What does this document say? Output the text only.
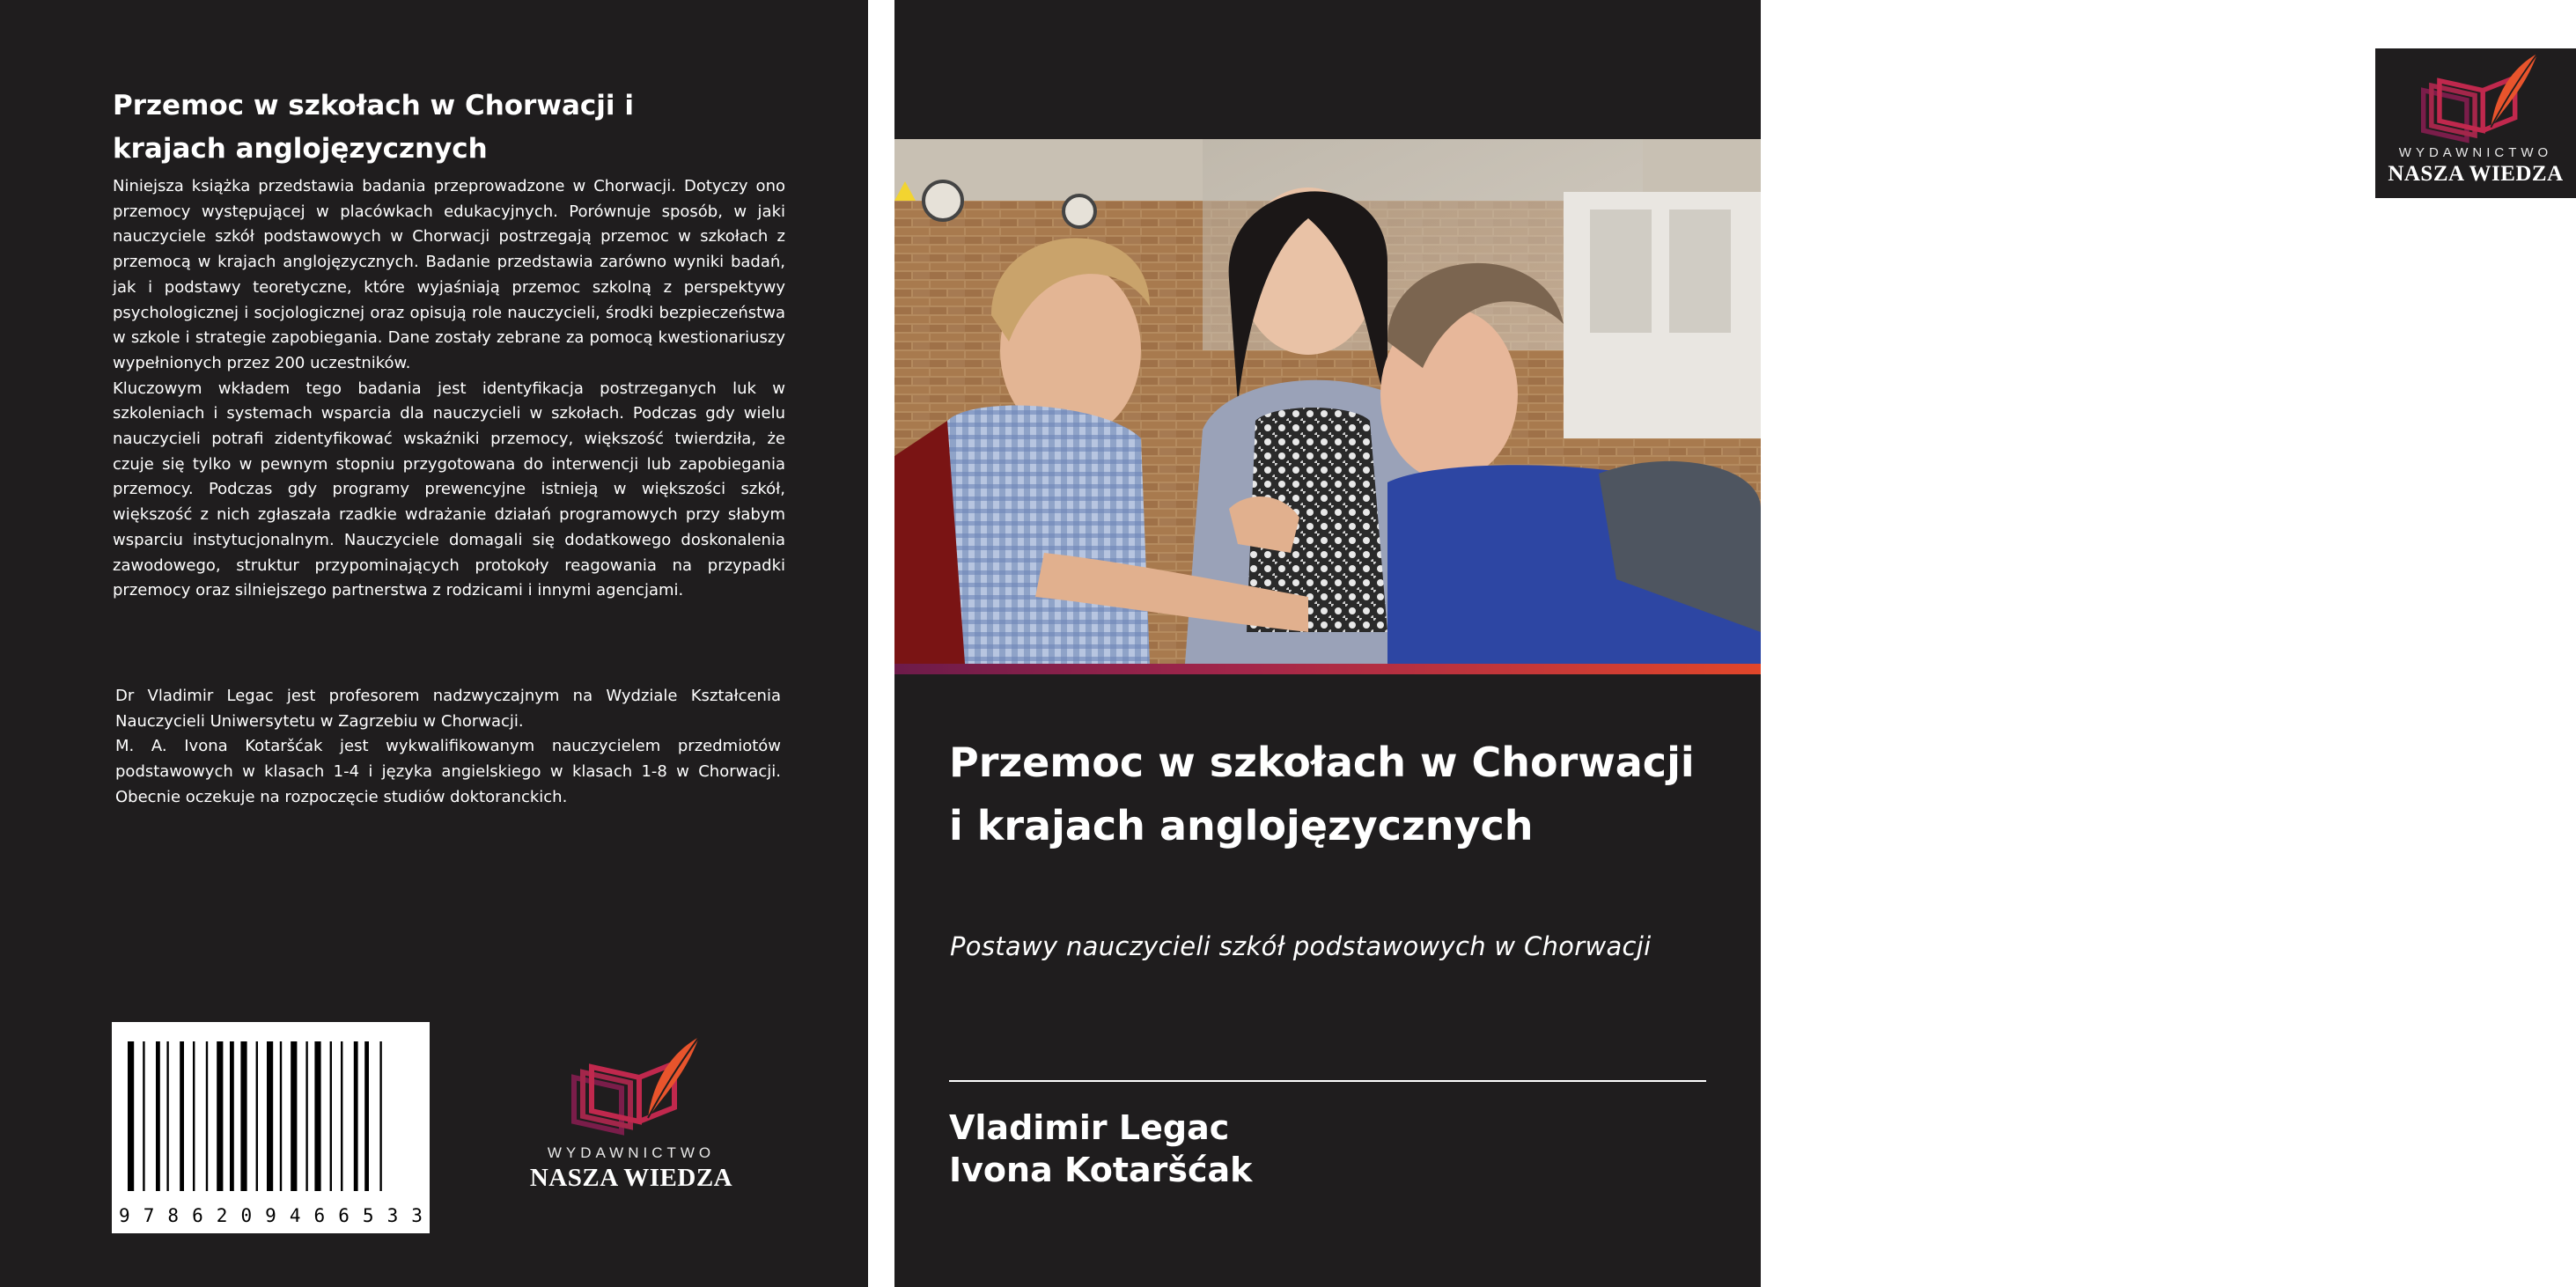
Przemoc w szkołach w Chorwacji i krajach anglojęzycznych

Niniejsza książka przedstawia badania przeprowadzone w Chorwacji. Dotyczy ono przemocy występującej w placówkach edukacyjnych. Porównuje sposób, w jaki nauczyciele szkół podstawowych w Chorwacji postrzegają przemoc w szkołach z przemocą w krajach anglojęzycznych. Badanie przedstawia zarówno wyniki badań, jak i podstawy teoretyczne, które wyjaśniają przemoc szkolną z perspektywy psychologicznej i socjologicznej oraz opisują role nauczycieli, środki bezpieczeństwa w szkole i strategie zapobiegania. Dane zostały zebrane za pomocą kwestionariuszy wypełnionych przez 200 uczestników.

Kluczowym wkładem tego badania jest identyfikacja postrzeganych luk w szkoleniach i systemach wsparcia dla nauczycieli w szkołach. Podczas gdy wielu nauczycieli potrafi zidentyfikować wskaźniki przemocy, większość twierdziła, że czuje się tylko w pewnym stopniu przygotowana do interwencji lub zapobiegania przemocy. Podczas gdy programy prewencyjne istnieją w większości szkół, większość z nich zgłaszała rzadkie wdrażanie działań programowych przy słabym wsparciu instytucjonalnym. Nauczyciele domagali się dodatkowego doskonalenia zawodowego, struktur przypominających protokoły reagowania na przypadki przemocy oraz silniejszego partnerstwa z rodzicami i innymi agencjami.

Dr Vladimir Legac jest profesorem nadzwyczajnym na Wydziale Kształcenia Nauczycieli Uniwersytetu w Zagrzebiu w Chorwacji.

M. A. Ivona Kotaršćak jest wykwalifikowanym nauczycielem przedmiotów podstawowych w klasach 1-4 i języka angielskiego w klasach 1-8 w Chorwacji. Obecnie oczekuje na rozpoczęcie studiów doktoranckich.

9 7 8 6 2 0 9 4 6 6 5 3 3
WYDAWNICTWO
NASZA WIEDZA
WYDAWNICTWO
NASZA WIEDZA
Przemoc w szkołach w Chorwacji i krajach anglojęzycznych
Postawy nauczycieli szkół podstawowych w Chorwacji
Vladimir Legac
Ivona Kotaršćak
